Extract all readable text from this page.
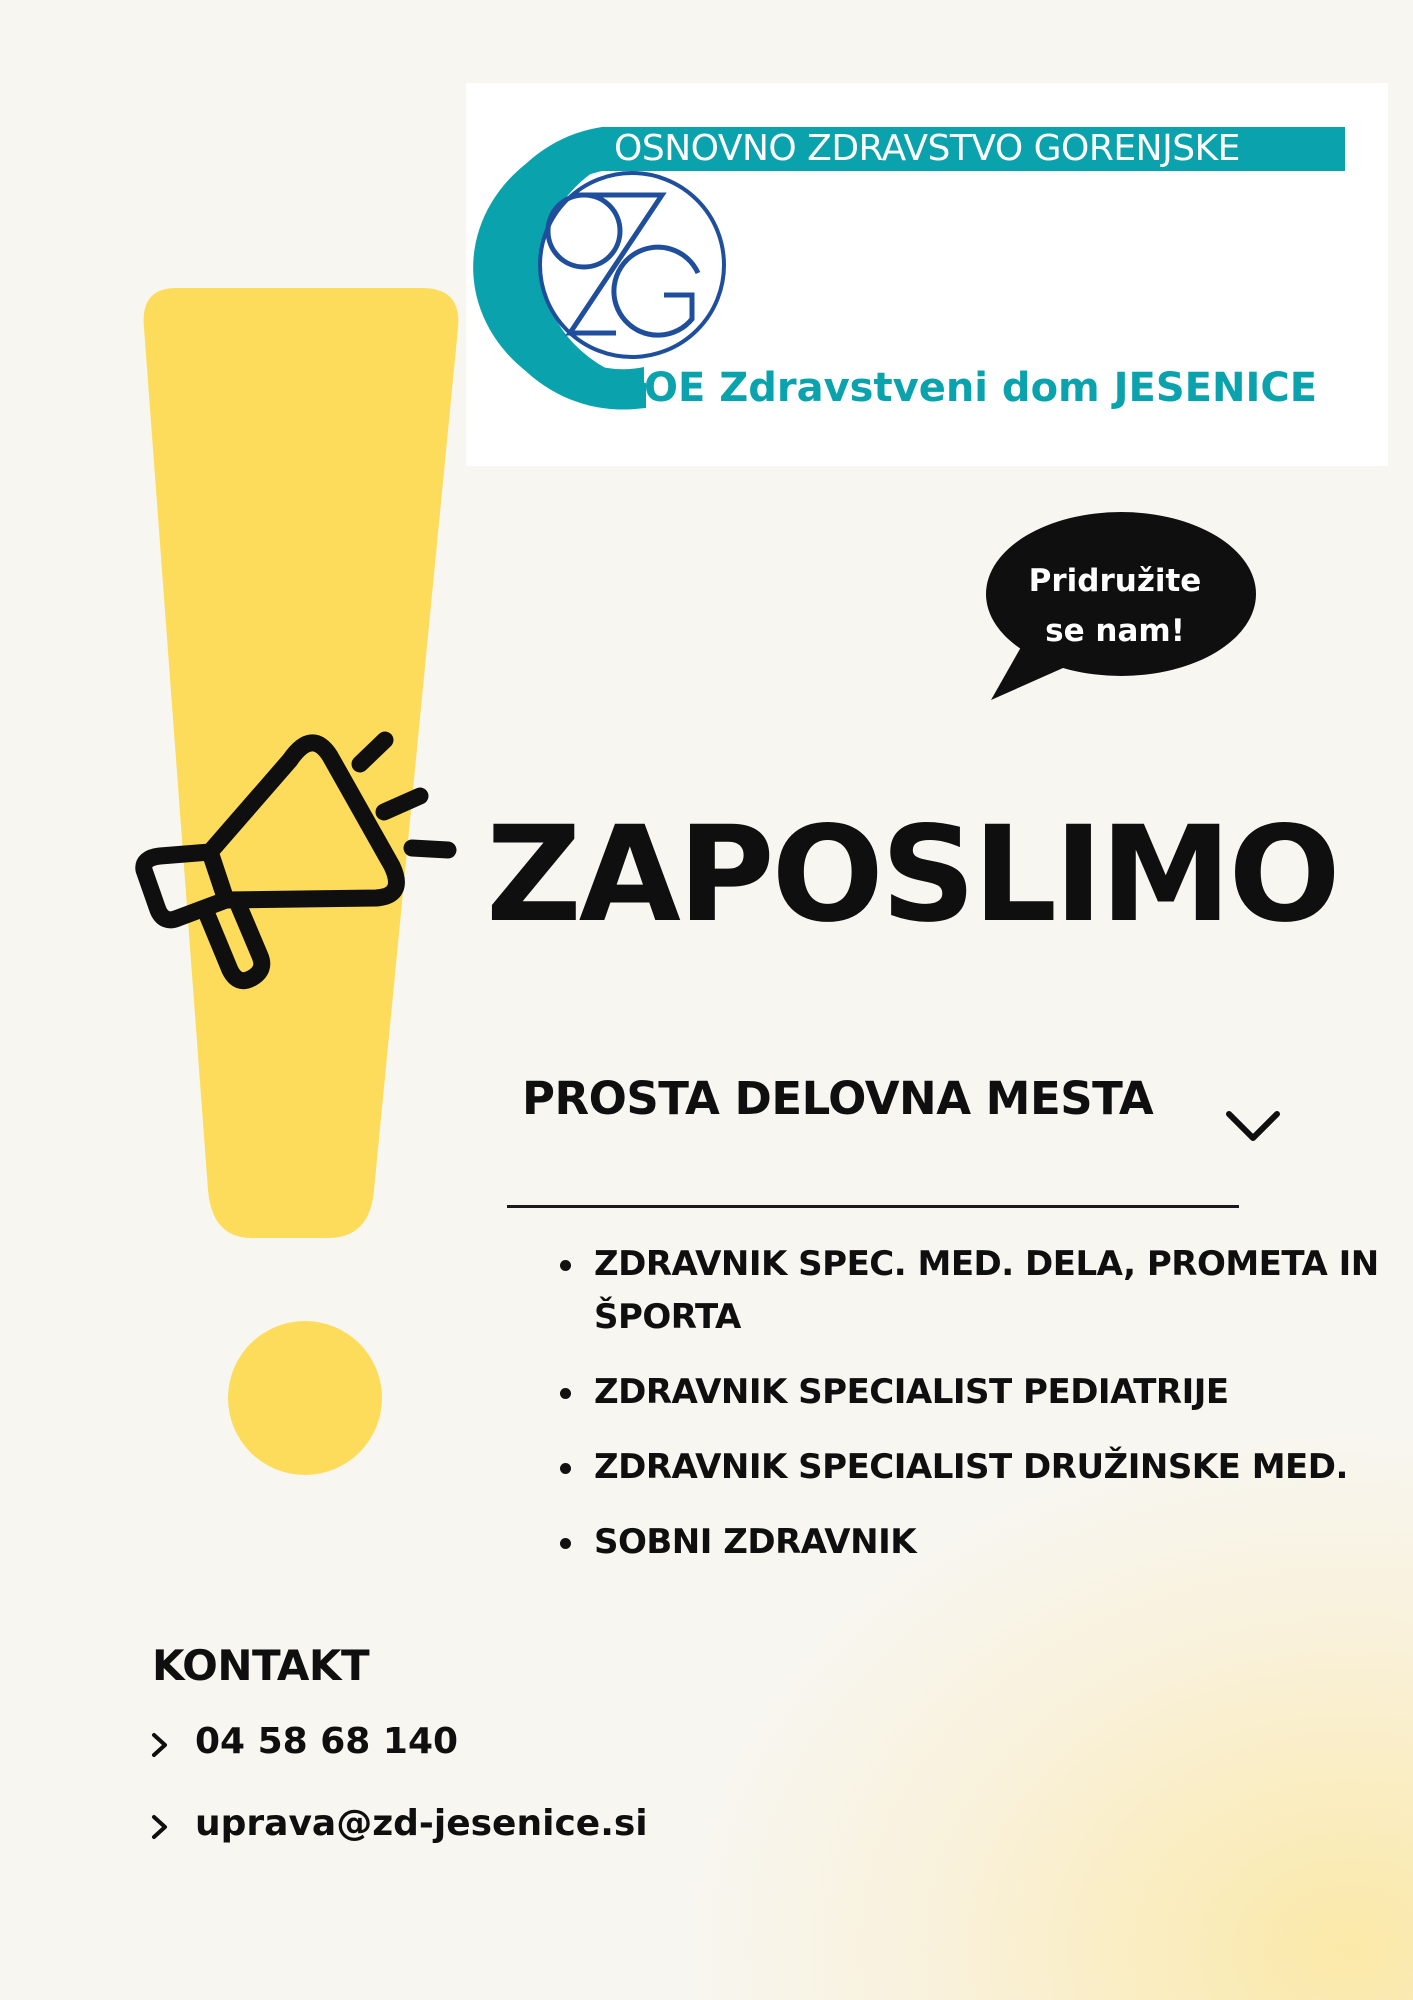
OSNOVNO ZDRAVSTVO GORENJSKE
OE Zdravstveni dom JESENICE
Pridružite
se nam!
ZAPOSLIMO
PROSTA DELOVNA MESTA
ZDRAVNIK SPEC. MED. DELA, PROMETA IN ŠPORTA
ZDRAVNIK SPECIALIST PEDIATRIJE
ZDRAVNIK SPECIALIST DRUŽINSKE MED.
SOBNI ZDRAVNIK
KONTAKT
04 58 68 140
uprava@zd-jesenice.si
